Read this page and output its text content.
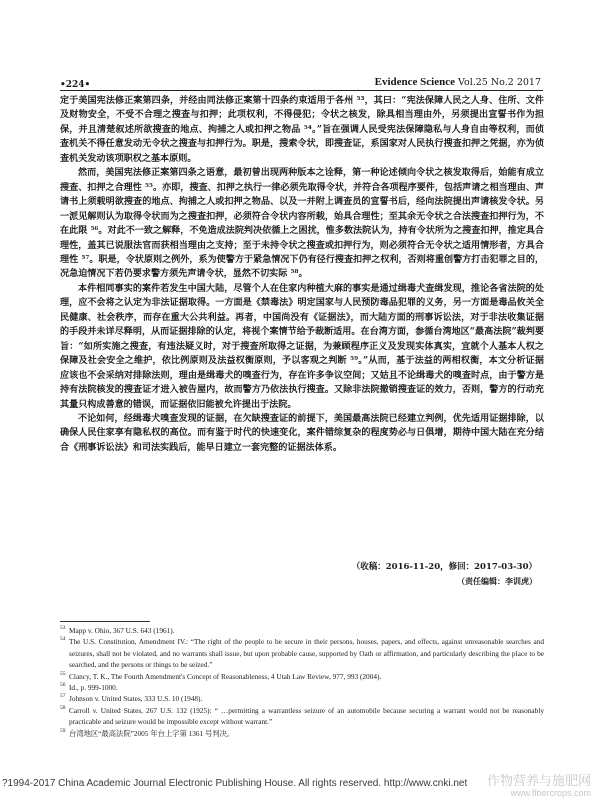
•224•	Evidence Science Vol.25 No.2 2017

定于美国宪法修正案第四条，并经由同法修正案第十四条约束适用于各州 ⁵³，其曰：“宪法保障人民之人身、住所、文件及财物安全，不受不合理之搜查与扣押；此项权利，不得侵犯；令状之核发，除具相当理由外，另须提出宣誓书作为担保，并且清楚叙述所欲搜查的地点、拘捕之人或扣押之物品 ⁵⁴。”旨在强调人民受宪法保障隐私与人身自由等权利，而侦查机关不得任意发动无令状之搜查与扣押行为。职是，搜索令状，即搜查证，系国家对人民执行搜查扣押之凭据，亦为侦查机关发动该项职权之基本原则。

然而，美国宪法修正案第四条之语意，最初曾出现两种版本之诠释，第一种论述倾向令状之核发取得后，始能有成立搜查、扣押之合理性 ⁵⁵。亦即，搜查、扣押之执行一律必须先取得令状，并符合各项程序要件，包括声请之相当理由、声请书上须载明欲搜查的地点、拘捕之人或扣押之物品、以及一并附上调查员的宣誓书后，经向法院提出声请核发令状。另一派见解则认为取得令状而为之搜查扣押，必须符合令状内容所载，始具合理性；至其余无令状之合法搜查扣押行为，不在此限 ⁵⁶。对此不一致之解释，不免造成法院判决依循上之困扰，惟多数法院认为，持有令状所为之搜查扣押，推定具合理性，盖其已说服法官而获相当理由之支持；至于未持令状之搜查或扣押行为，则必须符合无令状之适用情形者，方具合理性 ⁵⁷。职是，令状原则之例外，系为使警方于紧急情况下仍有径行搜查扣押之权利，否则将重创警方打击犯罪之目的，况急迫情况下若仍要求警方须先声请令状，显然不切实际 ⁵⁸。

本件相同事实的案件若发生中国大陆，尽管个人在住家内种植大麻的事实是通过缉毒犬查缉发现，推论各省法院的处理，应不会将之认定为非法证据取得。一方面是《禁毒法》明定国家与人民预防毒品犯罪的义务，另一方面是毒品攸关全民健康、社会秩序，而存在重大公共利益。再者，中国尚没有《证据法》，而大陆方面的刑事诉讼法，对于非法收集证据的手段并未详尽释明，从而证据排除的认定，将视个案情节给予裁断适用。在台湾方面，参循台湾地区“最高法院”裁判要旨：“如所实施之搜查，有违法疑义时，对于搜查所取得之证据，为兼顾程序正义及发现实体真实，宜就个人基本人权之保障及社会安全之维护，依比例原则及法益权衡原则，予以客观之判断 ⁵⁹。”从而，基于法益的两相权衡，本文分析证据应该也不会采纳对排除法则，理由是缉毒犬的嗅查行为，存在许多争议空间；又姑且不论缉毒犬的嗅查时点，由于警方是持有法院核发的搜查证才进入被告屋内，故而警方乃依法执行搜查。又除非法院撤销搜查证的效力，否则，警方的行动充其量只构成善意的错误，而证据依旧能被允许提出于法院。

不论如何，经缉毒犬嗅查发现的证据，在欠缺搜查证的前提下，美国最高法院已经建立判例，优先适用证据排除，以确保人民住家享有隐私权的高位。而有鉴于时代的快速变化，案件错综复杂的程度势必与日俱增，期待中国大陆在充分结合《刑事诉讼法》和司法实践后，能早日建立一套完整的证据法体系。

（收稿：2016-11-20，修回：2017-03-30）
（责任编辑：李训虎）
53 Mapp v. Ohio, 367 U.S. 643 (1961).
54 The U.S. Constitution, Amendment IV.: “The right of the people to be secure in their persons, houses, papers, and effects, against unreasonable searches and seizures, shall not be violated, and no warrants shall issue, but upon probable cause, supported by Oath or affirmation, and particularly describing the place to be searched, and the persons or things to be seized.”
55 Clancy, T. K., The Fourth Amendment's Concept of Reasonableness, 4 Utah Law Review, 977, 993 (2004).
56 Id., p. 999-1000.
57 Johnson v. United States, 333 U.S. 10 (1948).
58 Carroll v. United States, 267 U.S. 132 (1925): “ …permitting a warrantless seizure of an automobile because securing a warrant would not be reasonably practicable and seizure would be impossible except without warrant.”
59 台湾地区“最高法院”2005 年台上字第 1361 号判决。
?1994-2017 China Academic Journal Electronic Publishing House. All rights reserved. http://www.cnki.net 作物营养与施肥网
www.fibercrops.com
